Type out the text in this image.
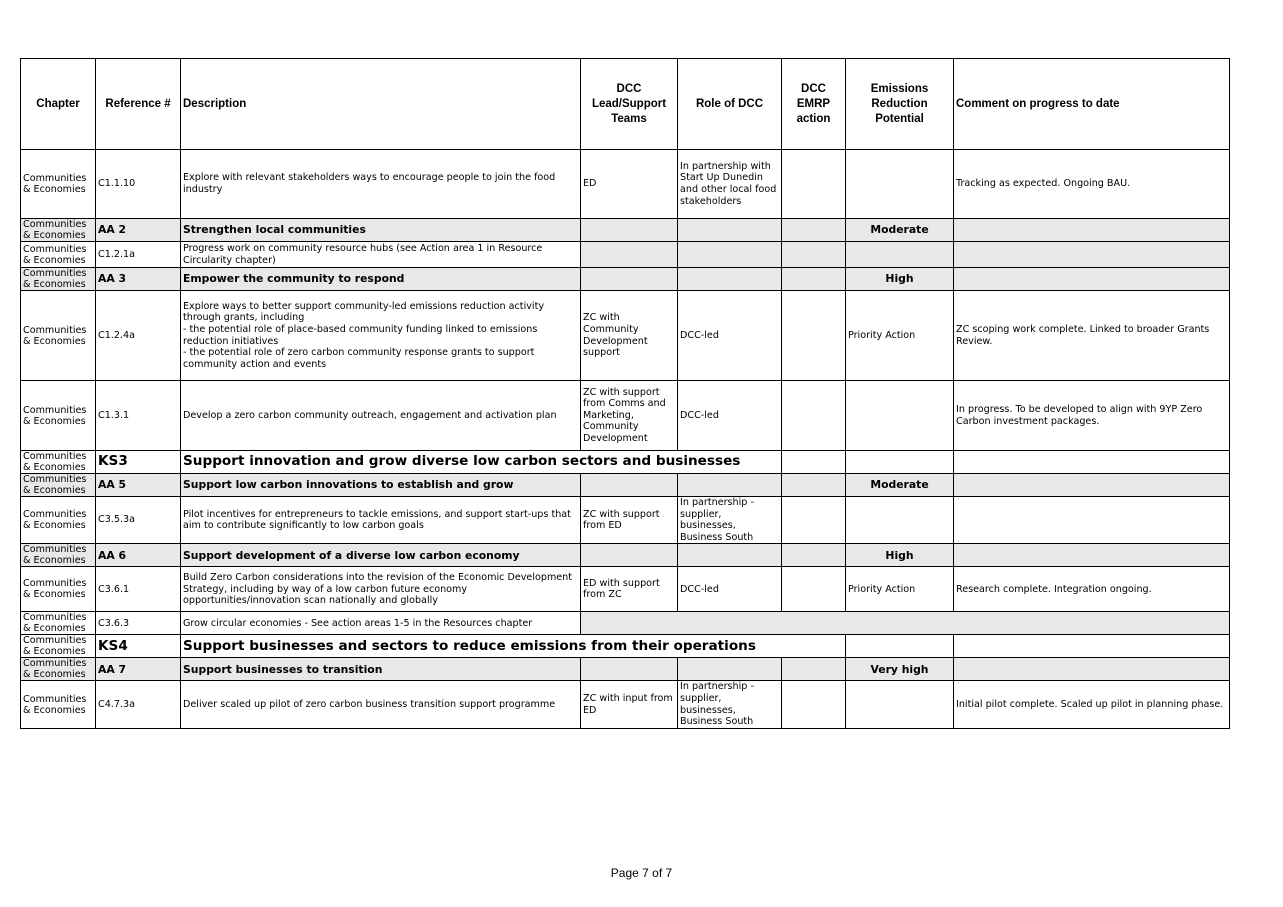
Chapter	Reference #	Description	DCC Lead/Support Teams	Role of DCC	DCC EMRP action	Emissions Reduction Potential	Comment on progress to date
Communities & Economies	C1.1.10	Explore with relevant stakeholders ways to encourage people to join the food industry	ED	In partnership with Start Up Dunedin and other local food stakeholders			Tracking as expected. Ongoing BAU.
Communities & Economies	AA 2	Strengthen local communities				Moderate	
Communities & Economies	C1.2.1a	Progress work on community resource hubs (see Action area 1 in Resource Circularity chapter)					
Communities & Economies	AA 3	Empower the community to respond				High	
Communities & Economies	C1.2.4a	Explore ways to better support community-led emissions reduction activity through grants, including
- the potential role of place-based community funding linked to emissions reduction initiatives
- the potential role of zero carbon community response grants to support community action and events	ZC with Community Development support	DCC-led		Priority Action	ZC scoping work complete. Linked to broader Grants Review.
Communities & Economies	C1.3.1	Develop a zero carbon community outreach, engagement and activation plan	ZC with support from Comms and Marketing, Community Development	DCC-led			In progress. To be developed to align with 9YP Zero Carbon investment packages.
Communities & Economies	KS3	Support innovation and grow diverse low carbon sectors and businesses					
Communities & Economies	AA 5	Support low carbon innovations to establish and grow				Moderate	
Communities & Economies	C3.5.3a	Pilot incentives for entrepreneurs to tackle emissions, and support start-ups that aim to contribute significantly to low carbon goals	ZC with support from ED	In partnership - supplier, businesses, Business South			
Communities & Economies	AA 6	Support development of a diverse low carbon economy				High	
Communities & Economies	C3.6.1	Build Zero Carbon considerations into the revision of the Economic Development Strategy, including by way of a low carbon future economy opportunities/innovation scan nationally and globally	ED with support from ZC	DCC-led		Priority Action	Research complete. Integration ongoing.
Communities & Economies	C3.6.3	Grow circular economies - See action areas 1-5 in the Resources chapter					
Communities & Economies	KS4	Support businesses and sectors to reduce emissions from their operations					
Communities & Economies	AA 7	Support businesses to transition				Very high	
Communities & Economies	C4.7.3a	Deliver scaled up pilot of zero carbon business transition support programme	ZC with input from ED	In partnership - supplier, businesses, Business South			Initial pilot complete. Scaled up pilot in planning phase.
Page 7 of 7
